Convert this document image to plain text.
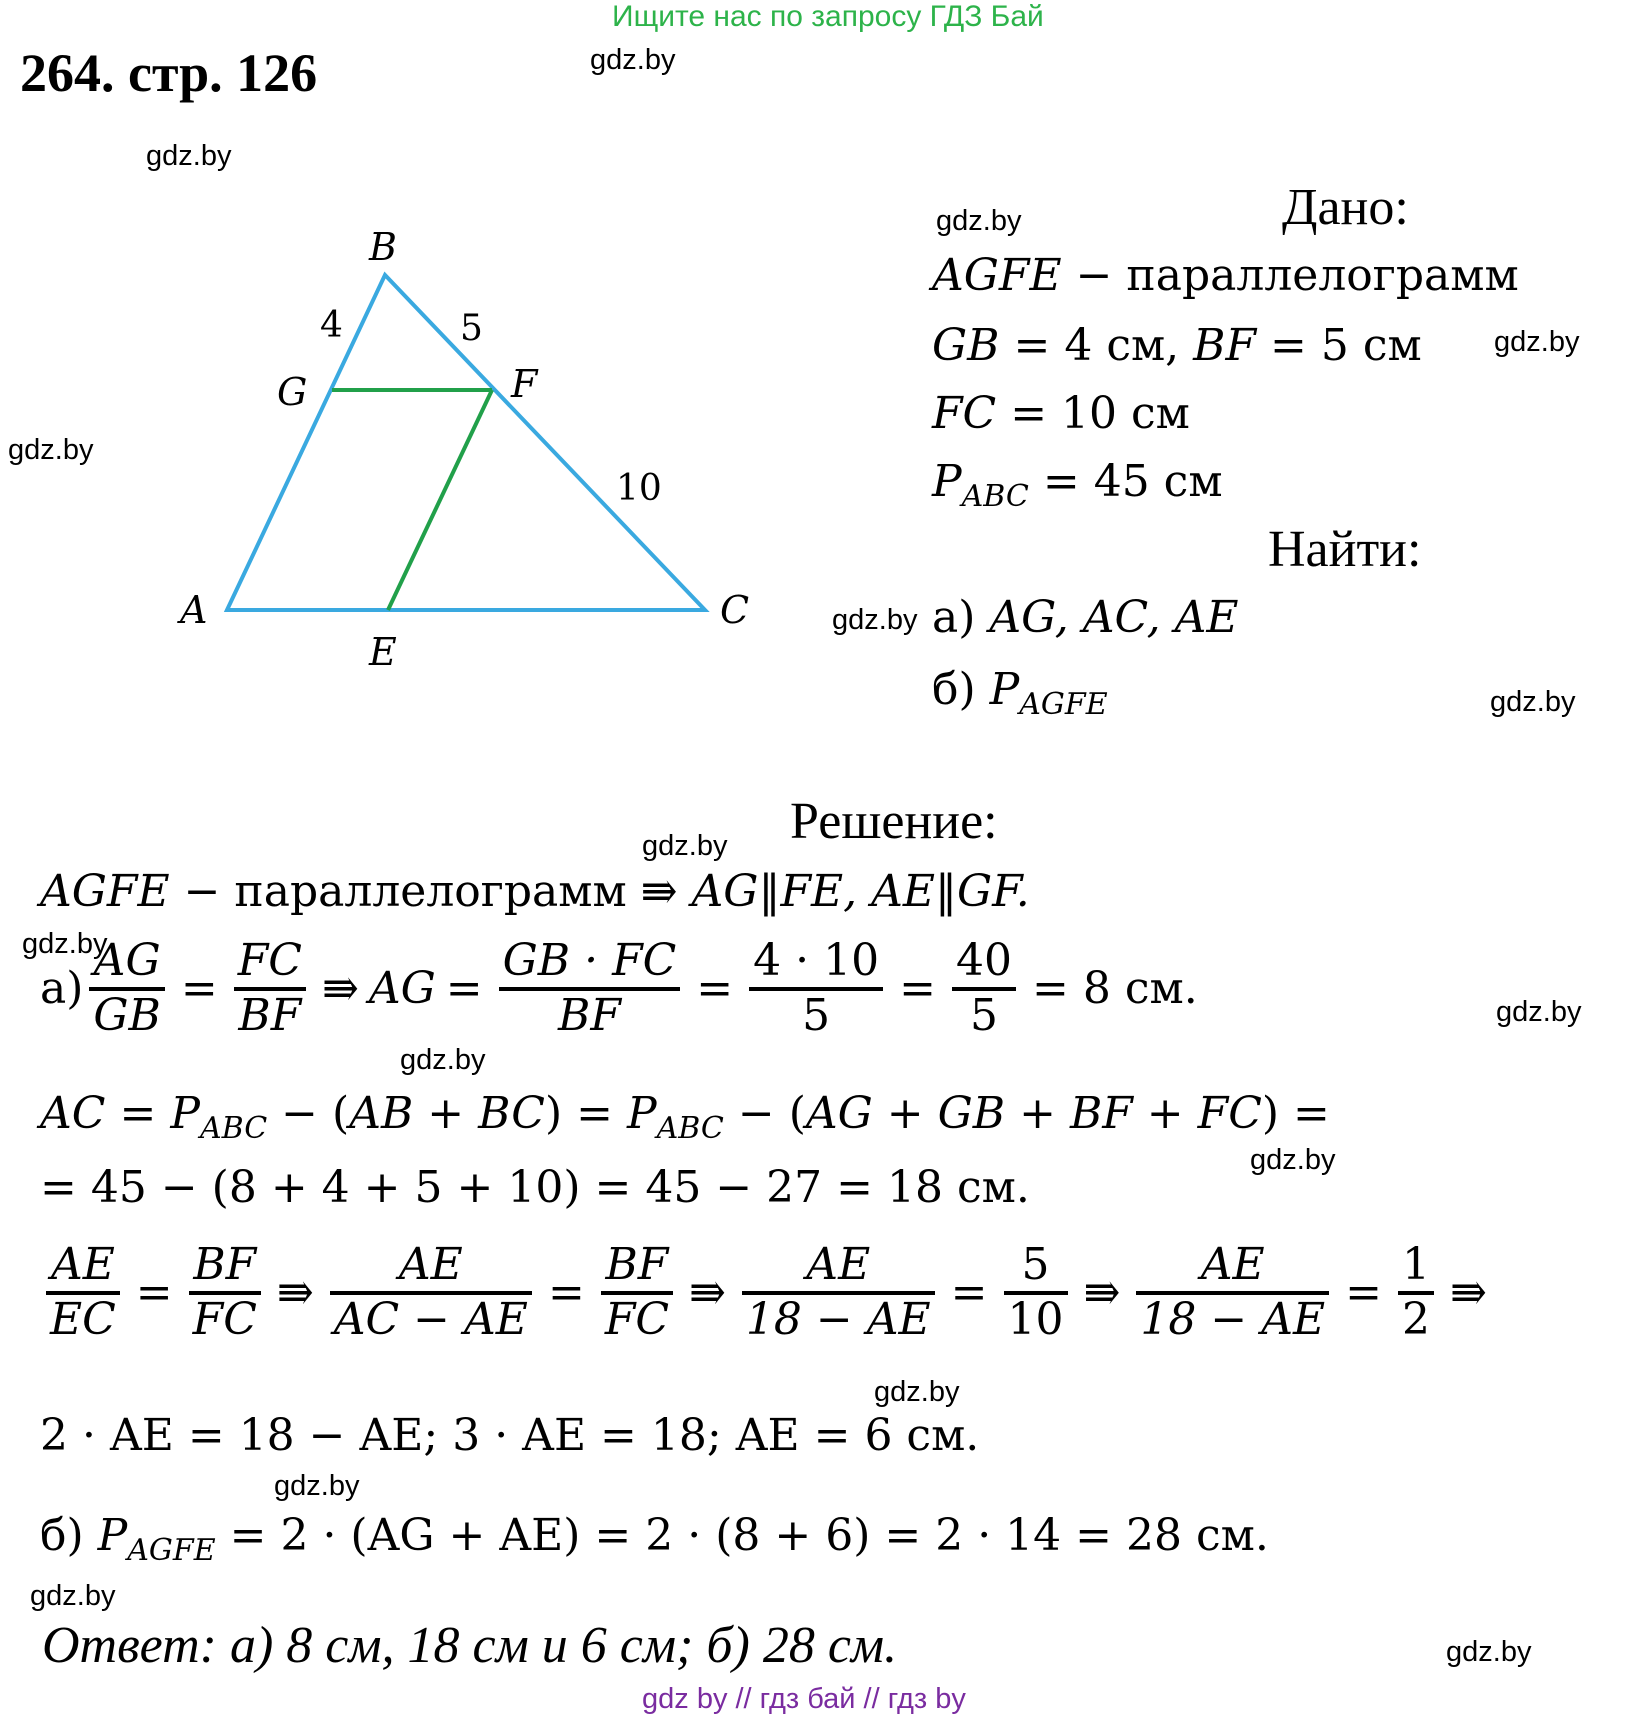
Ищите нас по запросу ГДЗ Бай
264. стр. 126	gdz.by
gdz.by
gdz.by
gdz.by
gdz.by
gdz.by
gdz.by
gdz.by
gdz.by
gdz.by
gdz.by
gdz.by
gdz.by
gdz.by
gdz.by
gdz.by
B
G	F
A
E
C
4	5
10
Дано:
AGFE − параллелограмм
GB = 4 см, BF = 5 см
FC = 10 см
$P_{ABC} = 45$ см
Найти:
а) AG, AC, AE
б) $P_{AGFE}$
Решение:
AGFE − параллелограмм ⇛ AG‖FE, AE‖GF.
$а) \frac{AG}{GB} = \frac{FC}{BF}$ ⇛ AG = $\frac{GB \cdot FC}{BF} = \frac{4 \cdot 10}{5} = \frac{40}{5} = 8$ см.
AC = $P_{ABC} - (AB + BC) = P_{ABC} - (AG$ + GB + BF + FC) =
= 45 − (8 + 4 + 5 + 10) = 45 − 27 = 18 см.
$\frac{AE}{EC} = \frac{BF}{FC}$ ⇛ $\frac{AE}{AC - AE} = \frac{BF}{FC}$ ⇛ $\frac{AE}{18 - AE} = \frac{5}{10}$ ⇛ $\frac{AE}{18 - AE} = \frac{1}{2}$ ⇛
2 · AE = 18 − AE; 3 · AE = 18; AE = 6 см.
б) $P_{AGFE} = 2 \cdot (AG + AE) = 2 \cdot (8 + 6) = 2 \cdot 14 = 28$ см.
Ответ: а) 8 см, 18 см и 6 см; б) 28 см.
gdz by // гдз бай // гдз by
